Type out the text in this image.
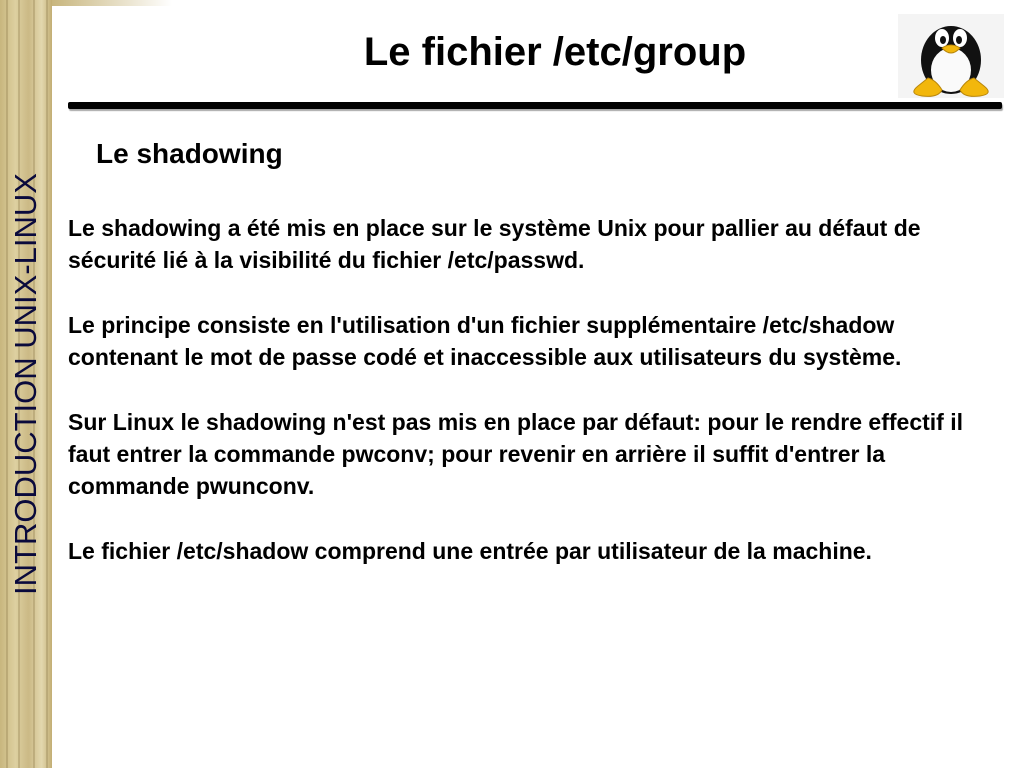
INTRODUCTION UNIX-LINUX
Le fichier /etc/group
Le shadowing

Le shadowing a été mis en place sur le système Unix pour pallier au défaut de sécurité lié à la visibilité du fichier /etc/passwd.

Le principe consiste en l'utilisation d'un fichier supplémentaire /etc/shadow contenant le mot de passe codé et inaccessible aux utilisateurs du système.

Sur Linux le shadowing n'est pas mis en place par défaut: pour le rendre effectif il faut entrer la commande pwconv; pour revenir en arrière il suffit d'entrer la commande pwunconv.

Le fichier /etc/shadow comprend une entrée par utilisateur de la machine.
